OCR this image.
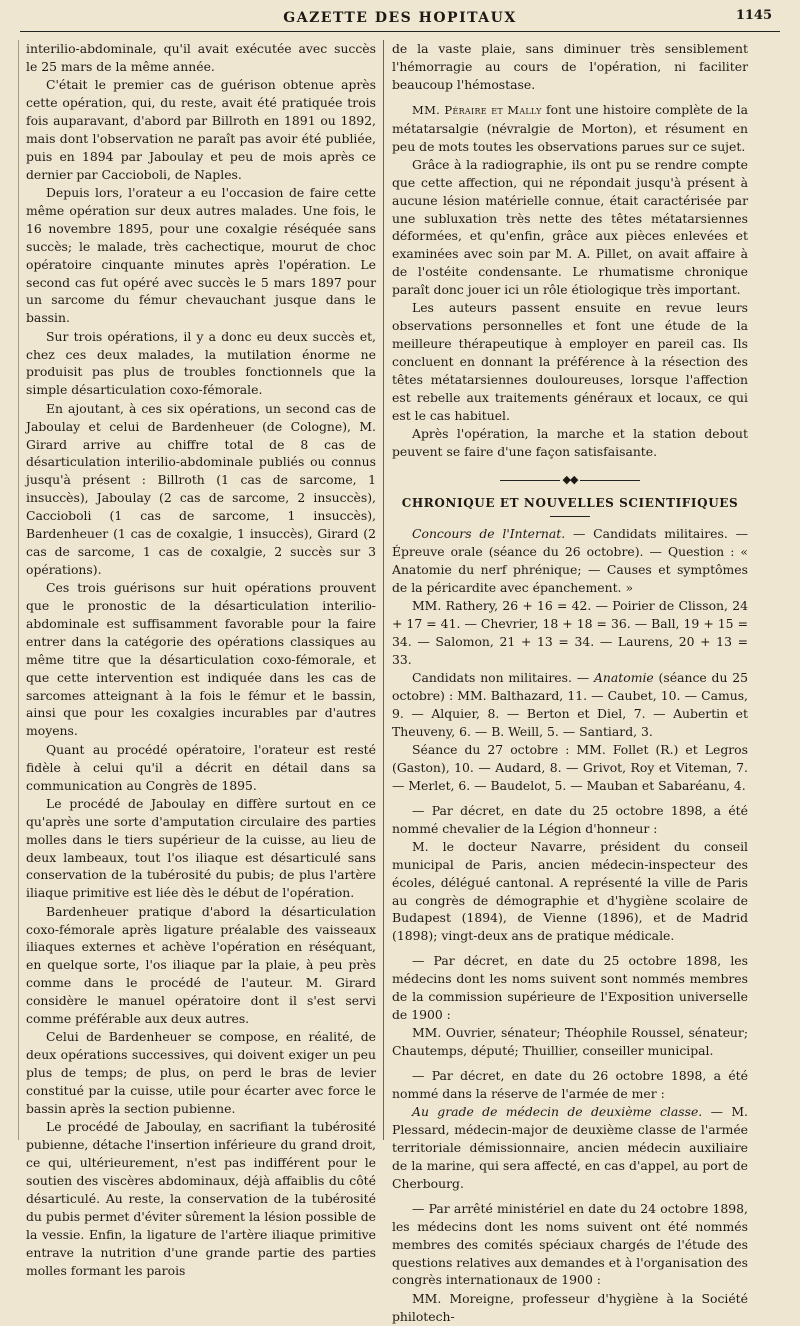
GAZETTE DES HOPITAUX	1145

interilio-abdominale, qu'il avait exécutée avec succès le 25 mars de la même année.

C'était le premier cas de guérison obtenue après cette opération, qui, du reste, avait été pratiquée trois fois auparavant, d'abord par Billroth en 1891 ou 1892, mais dont l'observation ne paraît pas avoir été publiée, puis en 1894 par Jaboulay et peu de mois après ce dernier par Caccioboli, de Naples.

Depuis lors, l'orateur a eu l'occasion de faire cette même opération sur deux autres malades. Une fois, le 16 novembre 1895, pour une coxalgie réséquée sans succès; le malade, très cachectique, mourut de choc opératoire cinquante minutes après l'opération. Le second cas fut opéré avec succès le 5 mars 1897 pour un sarcome du fémur chevauchant jusque dans le bassin.

Sur trois opérations, il y a donc eu deux succès et, chez ces deux malades, la mutilation énorme ne produisit pas plus de troubles fonctionnels que la simple désarticulation coxo-fémorale.

En ajoutant, à ces six opérations, un second cas de Jaboulay et celui de Bardenheuer (de Cologne), M. Girard arrive au chiffre total de 8 cas de désarticulation interilio-abdominale publiés ou connus jusqu'à présent : Billroth (1 cas de sarcome, 1 insuccès), Jaboulay (2 cas de sarcome, 2 insuccès), Caccioboli (1 cas de sarcome, 1 insuccès), Bardenheuer (1 cas de coxalgie, 1 insuccès), Girard (2 cas de sarcome, 1 cas de coxalgie, 2 succès sur 3 opérations).

Ces trois guérisons sur huit opérations prouvent que le pronostic de la désarticulation interilio-abdominale est suffisamment favorable pour la faire entrer dans la catégorie des opérations classiques au même titre que la désarticulation coxo-fémorale, et que cette intervention est indiquée dans les cas de sarcomes atteignant à la fois le fémur et le bassin, ainsi que pour les coxalgies incurables par d'autres moyens.

Quant au procédé opératoire, l'orateur est resté fidèle à celui qu'il a décrit en détail dans sa communication au Congrès de 1895.

Le procédé de Jaboulay en diffère surtout en ce qu'après une sorte d'amputation circulaire des parties molles dans le tiers supérieur de la cuisse, au lieu de deux lambeaux, tout l'os iliaque est désarticulé sans conservation de la tubérosité du pubis; de plus l'artère iliaque primitive est liée dès le début de l'opération.

Bardenheuer pratique d'abord la désarticulation coxo-fémorale après ligature préalable des vaisseaux iliaques externes et achève l'opération en réséquant, en quelque sorte, l'os iliaque par la plaie, à peu près comme dans le procédé de l'auteur. M. Girard considère le manuel opératoire dont il s'est servi comme préférable aux deux autres.

Celui de Bardenheuer se compose, en réalité, de deux opérations successives, qui doivent exiger un peu plus de temps; de plus, on perd le bras de levier constitué par la cuisse, utile pour écarter avec force le bassin après la section pubienne.

Le procédé de Jaboulay, en sacrifiant la tubérosité pubienne, détache l'insertion inférieure du grand droit, ce qui, ultérieurement, n'est pas indifférent pour le soutien des viscères abdominaux, déjà affaiblis du côté désarticulé. Au reste, la conservation de la tubérosité du pubis permet d'éviter sûrement la lésion possible de la vessie. Enfin, la ligature de l'artère iliaque primitive entrave la nutrition d'une grande partie des parties molles formant les parois

de la vaste plaie, sans diminuer très sensiblement l'hémorragie au cours de l'opération, ni faciliter beaucoup l'hémostase.

MM. Péraire et Mally font une histoire complète de la métatarsalgie (névralgie de Morton), et résument en peu de mots toutes les observations parues sur ce sujet.

Grâce à la radiographie, ils ont pu se rendre compte que cette affection, qui ne répondait jusqu'à présent à aucune lésion matérielle connue, était caractérisée par une subluxation très nette des têtes métatarsiennes déformées, et qu'enfin, grâce aux pièces enlevées et examinées avec soin par M. A. Pillet, on avait affaire à de l'ostéite condensante. Le rhumatisme chronique paraît donc jouer ici un rôle étiologique très important.

Les auteurs passent ensuite en revue leurs observations personnelles et font une étude de la meilleure thérapeutique à employer en pareil cas. Ils concluent en donnant la préférence à la résection des têtes métatarsiennes douloureuses, lorsque l'affection est rebelle aux traitements généraux et locaux, ce qui est le cas habituel.

Après l'opération, la marche et la station debout peuvent se faire d'une façon satisfaisante.

◆◆
CHRONIQUE ET NOUVELLES SCIENTIFIQUES

Concours de l'Internat. — Candidats militaires. — Épreuve orale (séance du 26 octobre). — Question : « Anatomie du nerf phrénique; — Causes et symptômes de la péricardite avec épanchement. »

MM. Rathery, 26 + 16 = 42. — Poirier de Clisson, 24 + 17 = 41. — Chevrier, 18 + 18 = 36. — Ball, 19 + 15 = 34. — Salomon, 21 + 13 = 34. — Laurens, 20 + 13 = 33.

Candidats non militaires. — Anatomie (séance du 25 octobre) : MM. Balthazard, 11. — Caubet, 10. — Camus, 9. — Alquier, 8. — Berton et Diel, 7. — Aubertin et Theuveny, 6. — B. Weill, 5. — Santiard, 3.

Séance du 27 octobre : MM. Follet (R.) et Legros (Gaston), 10. — Audard, 8. — Grivot, Roy et Viteman, 7. — Merlet, 6. — Baudelot, 5. — Mauban et Sabaréanu, 4.

— Par décret, en date du 25 octobre 1898, a été nommé chevalier de la Légion d'honneur :

M. le docteur Navarre, président du conseil municipal de Paris, ancien médecin-inspecteur des écoles, délégué cantonal. A représenté la ville de Paris au congrès de démographie et d'hygiène scolaire de Budapest (1894), de Vienne (1896), et de Madrid (1898); vingt-deux ans de pratique médicale.

— Par décret, en date du 25 octobre 1898, les médecins dont les noms suivent sont nommés membres de la commission supérieure de l'Exposition universelle de 1900 :

MM. Ouvrier, sénateur; Théophile Roussel, sénateur; Chautemps, député; Thuillier, conseiller municipal.

— Par décret, en date du 26 octobre 1898, a été nommé dans la réserve de l'armée de mer :

Au grade de médecin de deuxième classe. — M. Plessard, médecin-major de deuxième classe de l'armée territoriale démissionnaire, ancien médecin auxiliaire de la marine, qui sera affecté, en cas d'appel, au port de Cherbourg.

— Par arrêté ministériel en date du 24 octobre 1898, les médecins dont les noms suivent ont été nommés membres des comités spéciaux chargés de l'étude des questions relatives aux demandes et à l'organisation des congrès internationaux de 1900 :

MM. Moreigne, professeur d'hygiène à la Société philotech-
